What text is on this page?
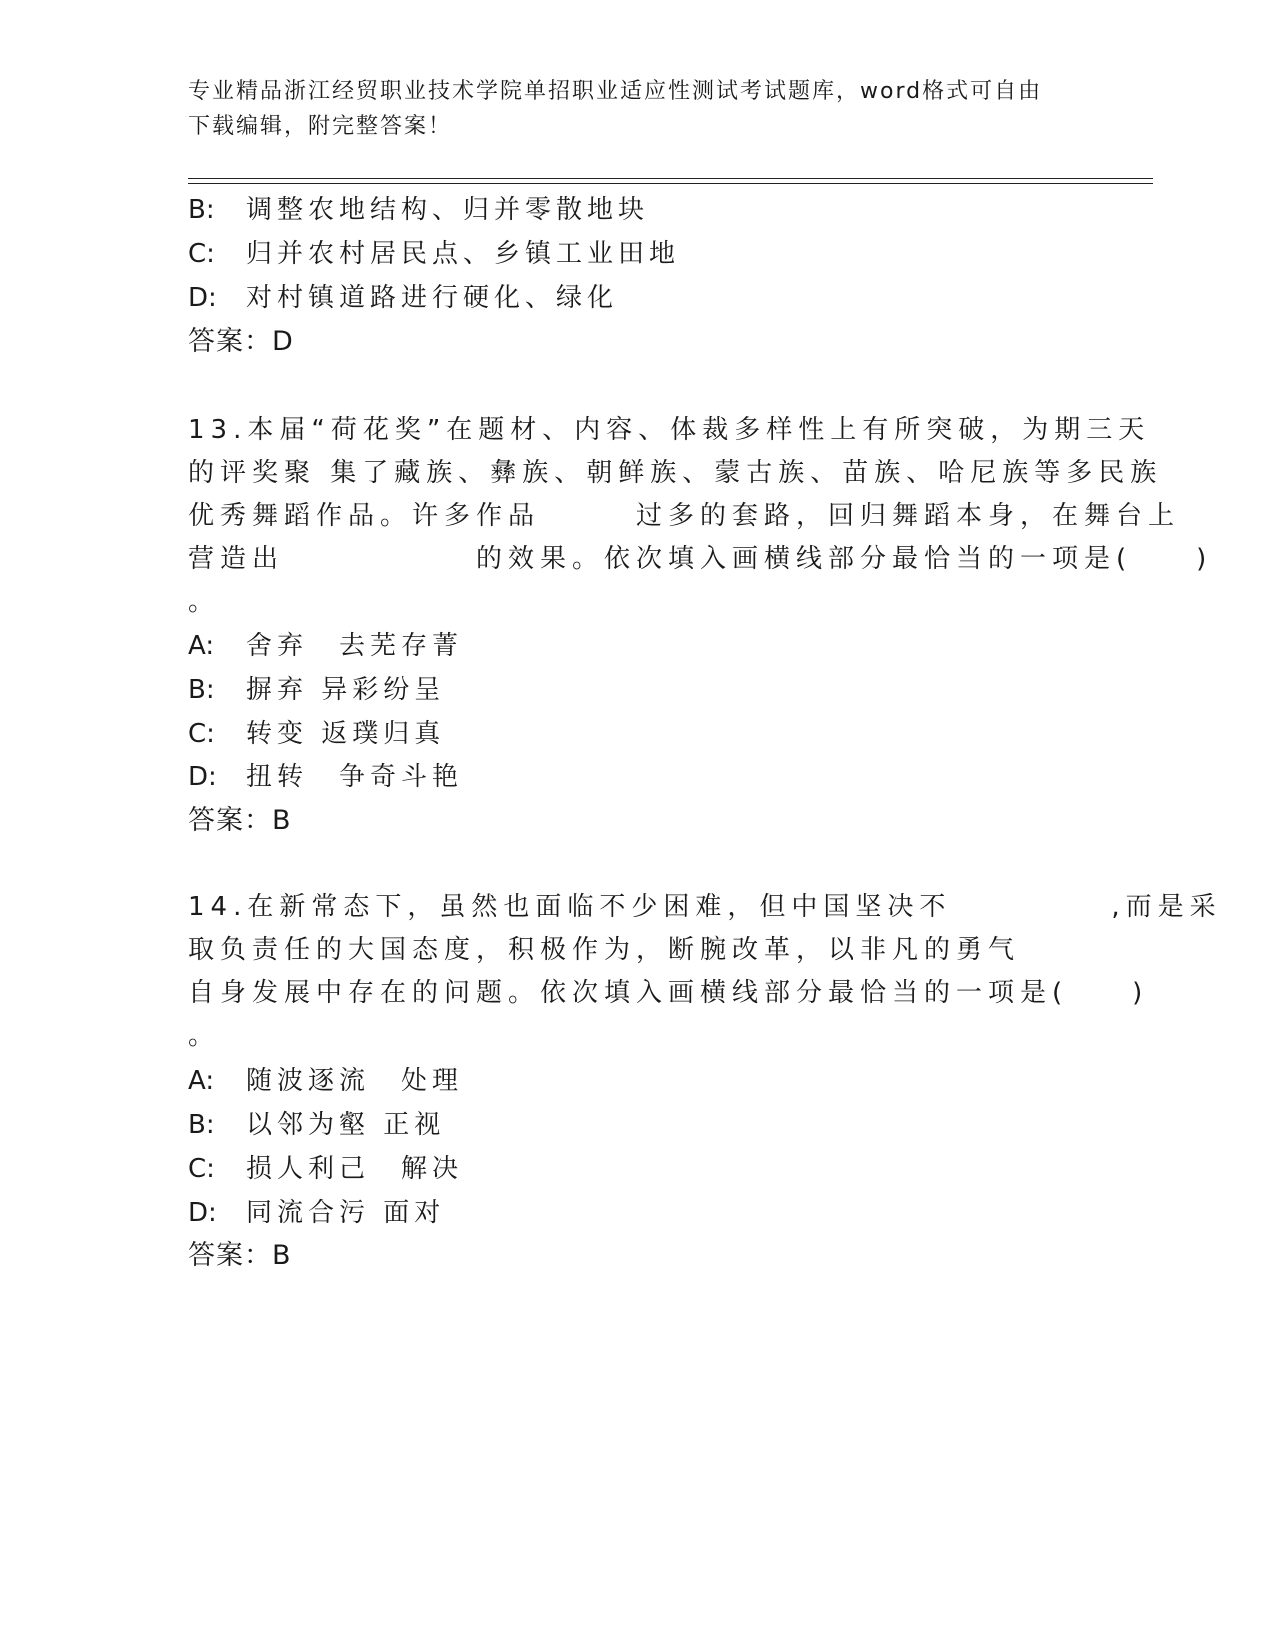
专业精品浙江经贸职业技术学院单招职业适应性测试考试题库，word格式可自由
下载编辑，附完整答案！
B: 调整农地结构、归并零散地块
C: 归并农村居民点、乡镇工业田地
D: 对村镇道路进行硬化、绿化
答案：D
13.本届“荷花奖”在题材、内容、体裁多样性上有所突破，为期三天
的评奖聚 集了藏族、彝族、朝鲜族、蒙古族、苗族、哈尼族等多民族
优秀舞蹈作品。许多作品　　　过多的套路，回归舞蹈本身，在舞台上
营造出　　　　　　的效果。依次填入画横线部分最恰当的一项是(　　)
。
A: 舍弃　去芜存菁
B: 摒弃 异彩纷呈
C: 转变 返璞归真
D: 扭转　争奇斗艳
答案：B
14.在新常态下，虽然也面临不少困难，但中国坚决不　　　　　,而是采
取负责任的大国态度，积极作为，断腕改革，以非凡的勇气
自身发展中存在的问题。依次填入画横线部分最恰当的一项是(　　)
。
A: 随波逐流　处理
B: 以邻为壑 正视
C: 损人利己　解决
D: 同流合污 面对
答案：B
